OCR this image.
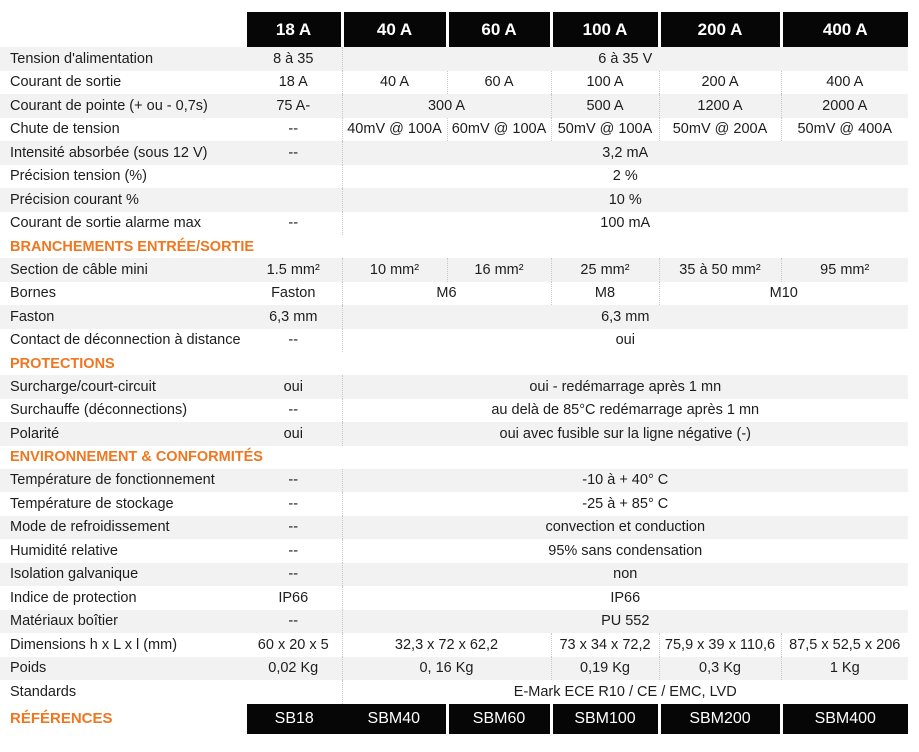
	18 A	40 A	60 A	100 A	200 A	400 A
Tension d'alimentation	8 à 35	6 à 35 V				
Courant de sortie	18 A	40 A	60 A	100 A	200 A	400 A
Courant de pointe (+ ou - 0,7s)	75 A-	300 A		500 A	1200 A	2000 A
Chute de tension	--	40mV @ 100A	60mV @ 100A	50mV @ 100A	50mV @ 200A	50mV @ 400A
Intensité absorbée (sous 12 V)	--	3,2 mA				
Précision tension (%)		2 %				
Précision courant %		10 %				
Courant de sortie alarme max	--	100 mA				
BRANCHEMENTS ENTRÉE/SORTIE						
Section de câble mini	1.5 mm²	10 mm²	16 mm²	25 mm²	35 à 50 mm²	95 mm²
Bornes	Faston	M6		M8	M10	
Faston	6,3 mm	6,3 mm				
Contact de déconnection à distance	--	oui				
PROTECTIONS						
Surcharge/court-circuit	oui	oui - redémarrage après 1 mn				
Surchauffe (déconnections)	--	au delà de 85°C redémarrage après 1 mn				
Polarité	oui	oui avec fusible sur la ligne négative (-)				
ENVIRONNEMENT & CONFORMITÉS						
Température de fonctionnement	--	-10 à + 40° C				
Température de stockage	--	-25 à + 85° C				
Mode de refroidissement	--	convection et conduction				
Humidité relative	--	95% sans condensation				
Isolation galvanique	--	non				
Indice de protection	IP66	IP66				
Matériaux boîtier	--	PU 552				
Dimensions h x L x l (mm)	60 x 20 x 5	32,3 x 72 x 62,2		73 x 34 x 72,2	75,9 x 39 x 110,6	87,5 x 52,5 x 206
Poids	0,02 Kg	0, 16 Kg		0,19 Kg	0,3 Kg	1 Kg
Standards		E-Mark ECE R10 / CE / EMC, LVD				
RÉFÉRENCES	SB18	SBM40	SBM60	SBM100	SBM200	SBM400
